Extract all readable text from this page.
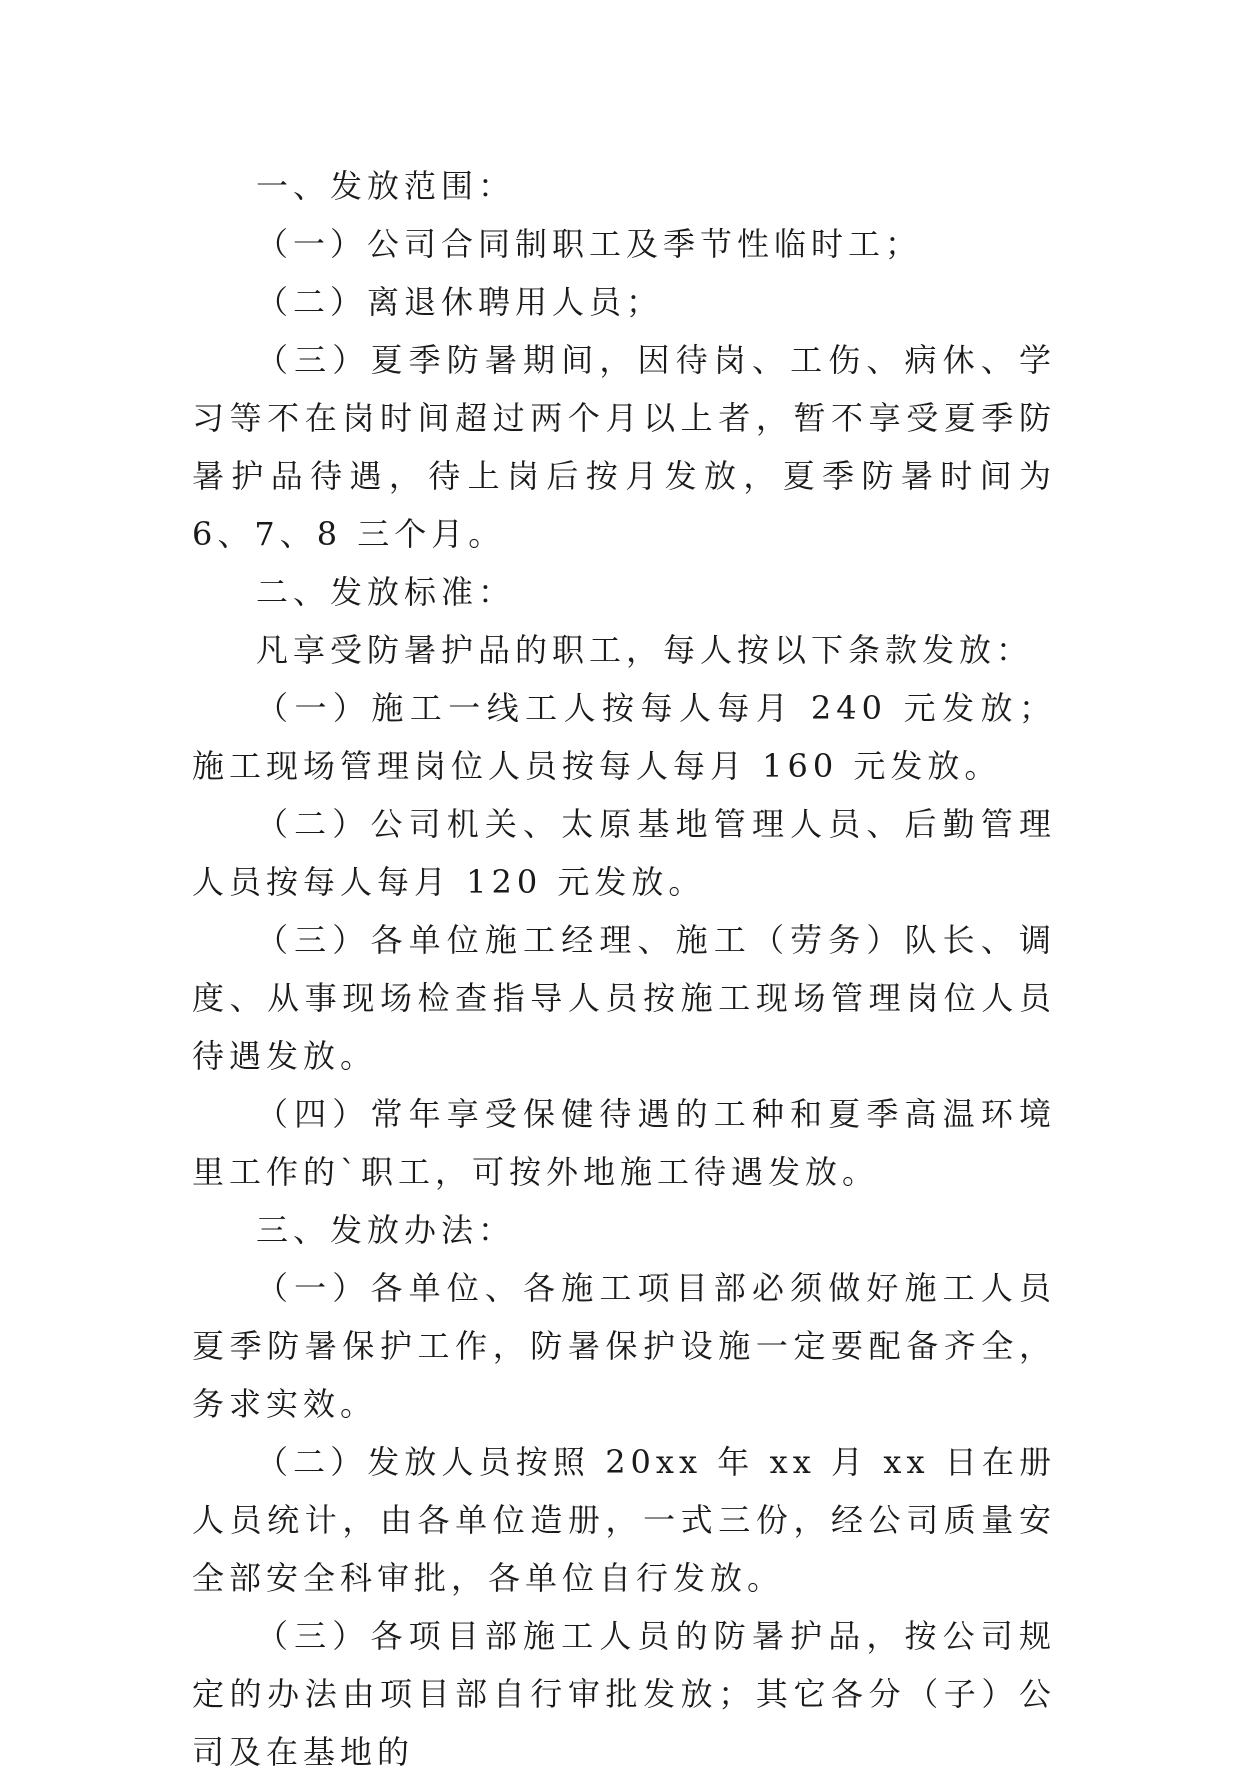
一、发放范围：

（一）公司合同制职工及季节性临时工；

（二）离退休聘用人员；

（三）夏季防暑期间，因待岗、工伤、病休、学习等不在岗时间超过两个月以上者，暂不享受夏季防暑护品待遇，待上岗后按月发放，夏季防暑时间为 6、7、8 三个月。

二、发放标准：

凡享受防暑护品的职工，每人按以下条款发放：

（一）施工一线工人按每人每月 240 元发放；施工现场管理岗位人员按每人每月 160 元发放。

（二）公司机关、太原基地管理人员、后勤管理人员按每人每月 120 元发放。

（三）各单位施工经理、施工（劳务）队长、调度、从事现场检查指导人员按施工现场管理岗位人员待遇发放。

（四）常年享受保健待遇的工种和夏季高温环境里工作的`职工，可按外地施工待遇发放。

三、发放办法：

（一）各单位、各施工项目部必须做好施工人员夏季防暑保护工作，防暑保护设施一定要配备齐全，务求实效。

（二）发放人员按照 20xx 年 xx 月 xx 日在册人员统计，由各单位造册，一式三份，经公司质量安全部安全科审批，各单位自行发放。

（三）各项目部施工人员的防暑护品，按公司规定的办法由项目部自行审批发放；其它各分（子）公司及在基地的
